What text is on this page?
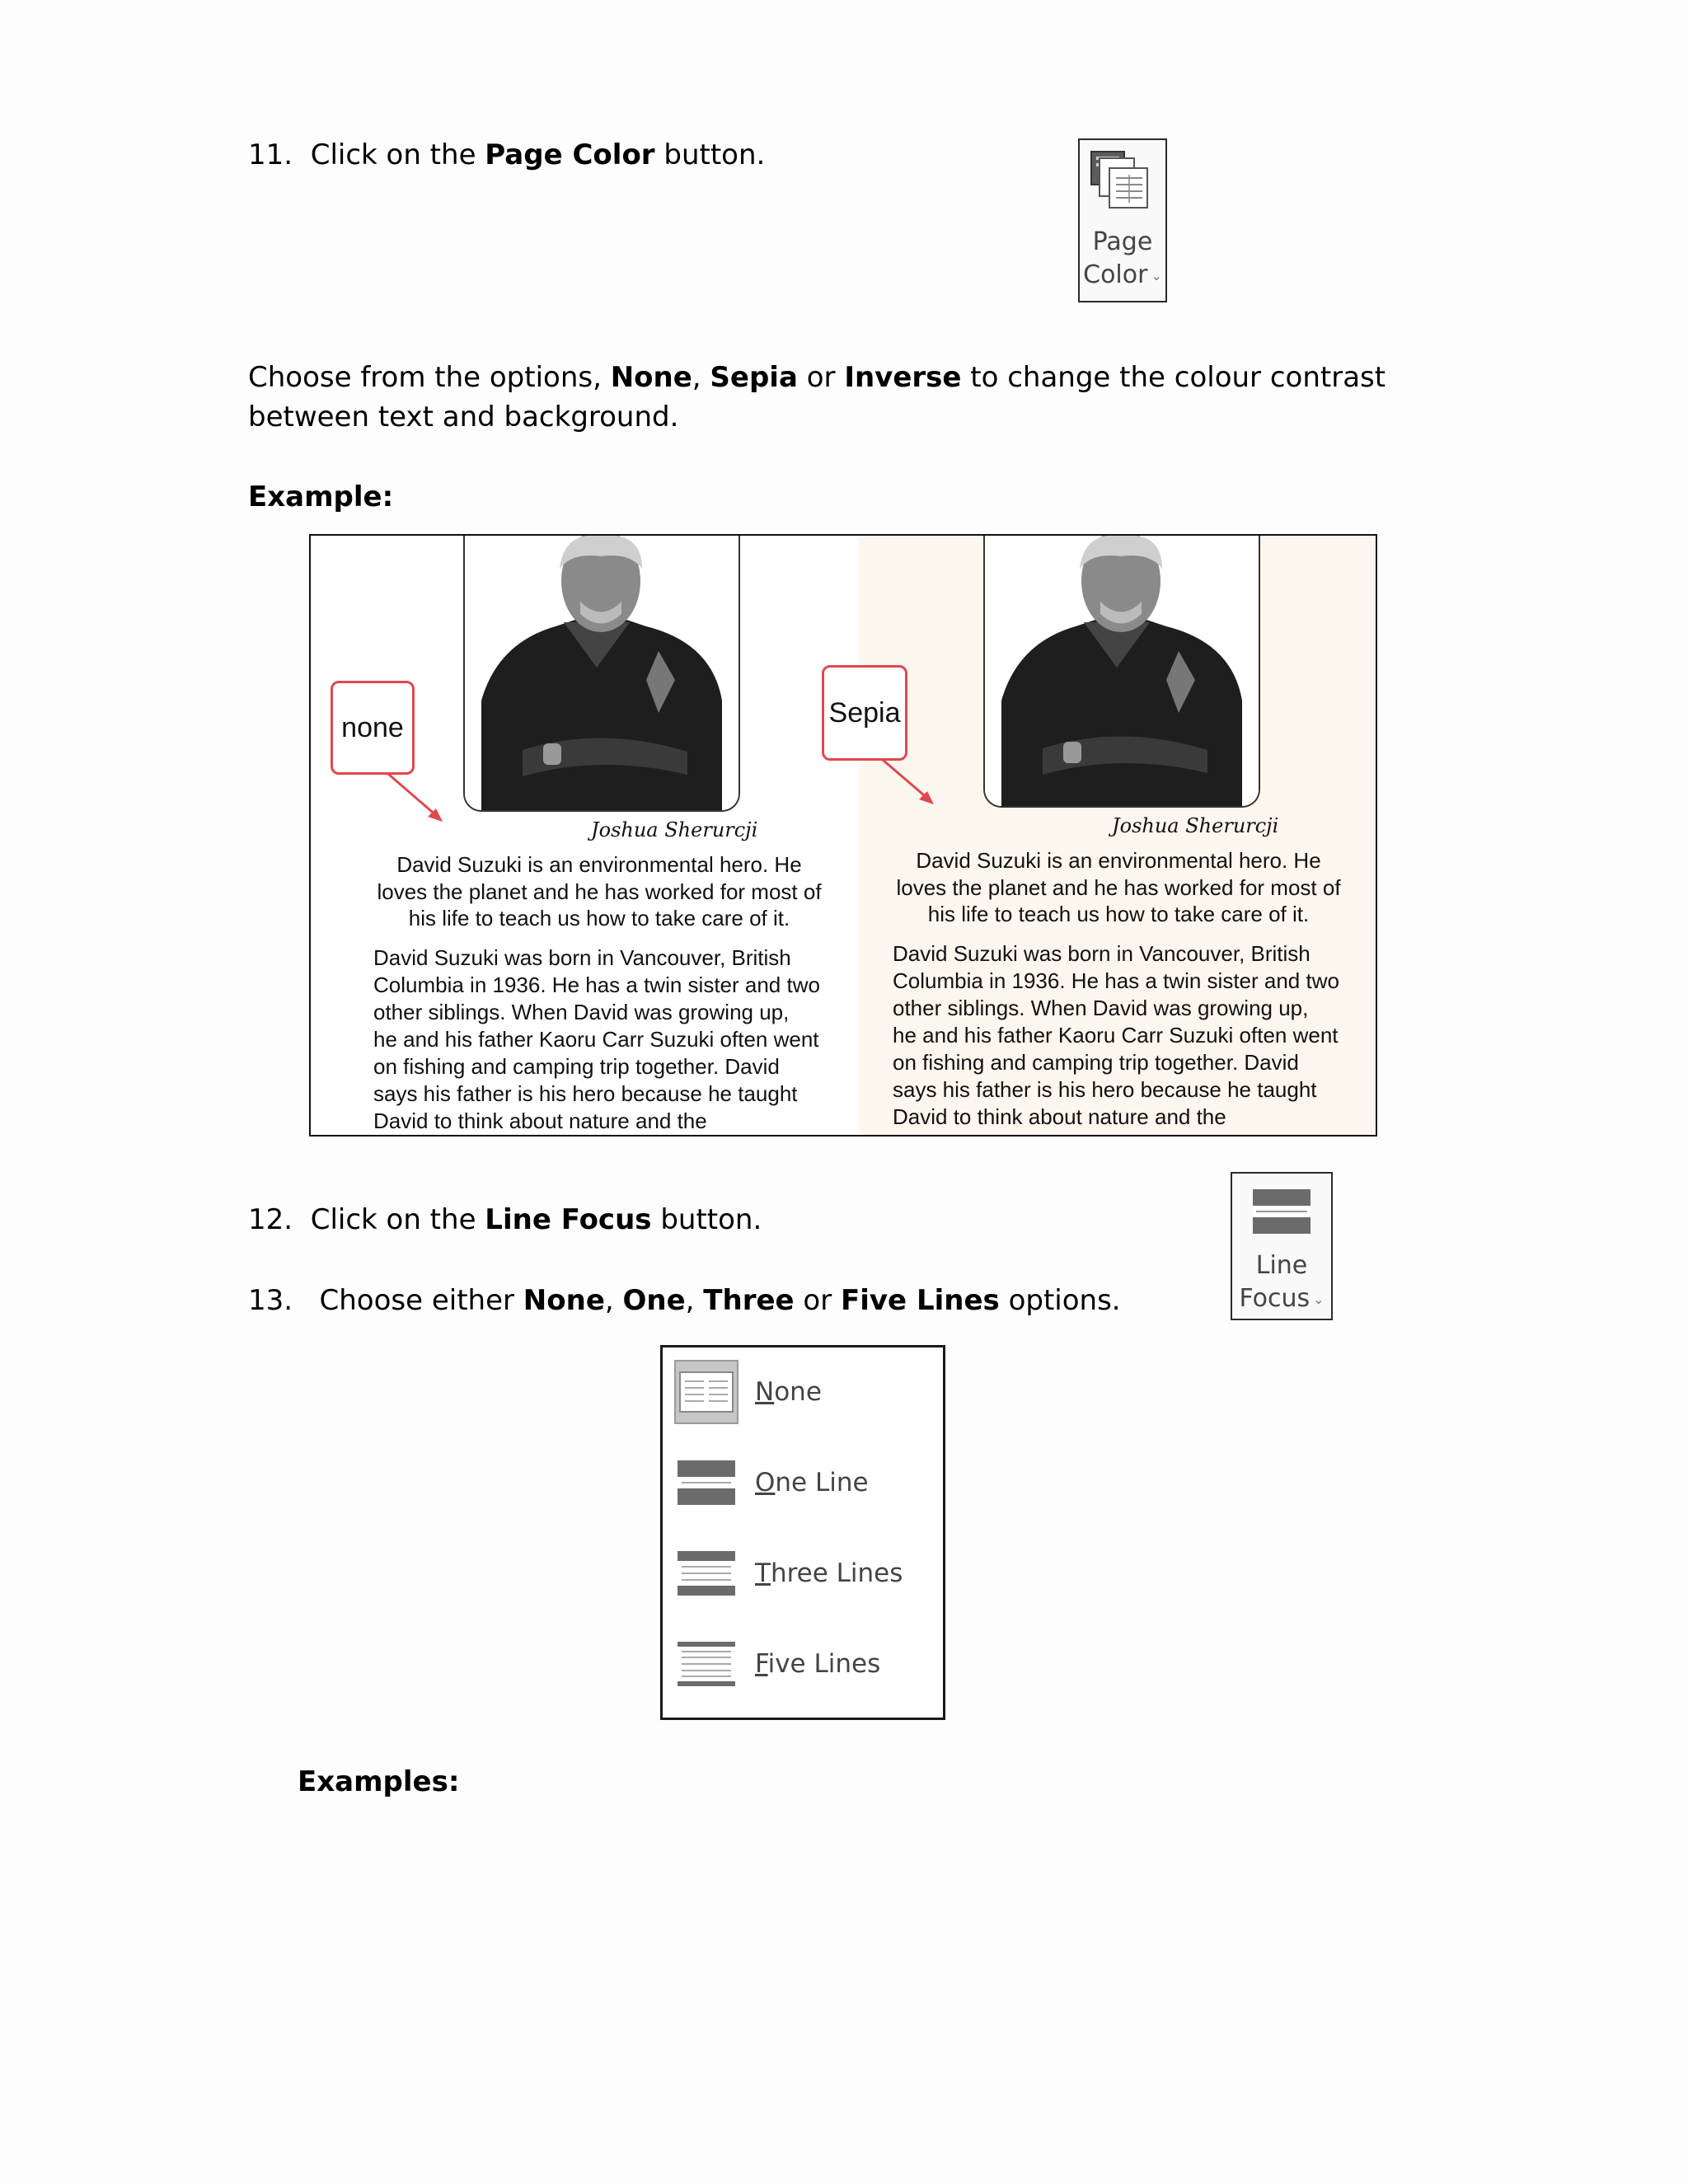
11. Click on the Page Color button.

Page
Color ⌄

Choose from the options, None, Sepia or Inverse to change the colour contrast between text and background.

Example:

Joshua Sherurcji

David Suzuki is an environmental hero. He loves the planet and he has worked for most of his life to teach us how to take care of it.

David Suzuki was born in Vancouver, British
Columbia in 1936. He has a twin sister and two
other siblings. When David was growing up,
he and his father Kaoru Carr Suzuki often went
on fishing and camping trip together. David
says his father is his hero because he taught
David to think about nature and the

none
Joshua Sherurcji

David Suzuki is an environmental hero. He loves the planet and he has worked for most of his life to teach us how to take care of it.

David Suzuki was born in Vancouver, British
Columbia in 1936. He has a twin sister and two
other siblings. When David was growing up,
he and his father Kaoru Carr Suzuki often went
on fishing and camping trip together. David
says his father is his hero because he taught
David to think about nature and the

Sepia

12. Click on the Line Focus button.

Line
Focus ⌄

13. Choose either None, One, Three or Five Lines options.

None
One Line
Three Lines
Five Lines

Examples:
